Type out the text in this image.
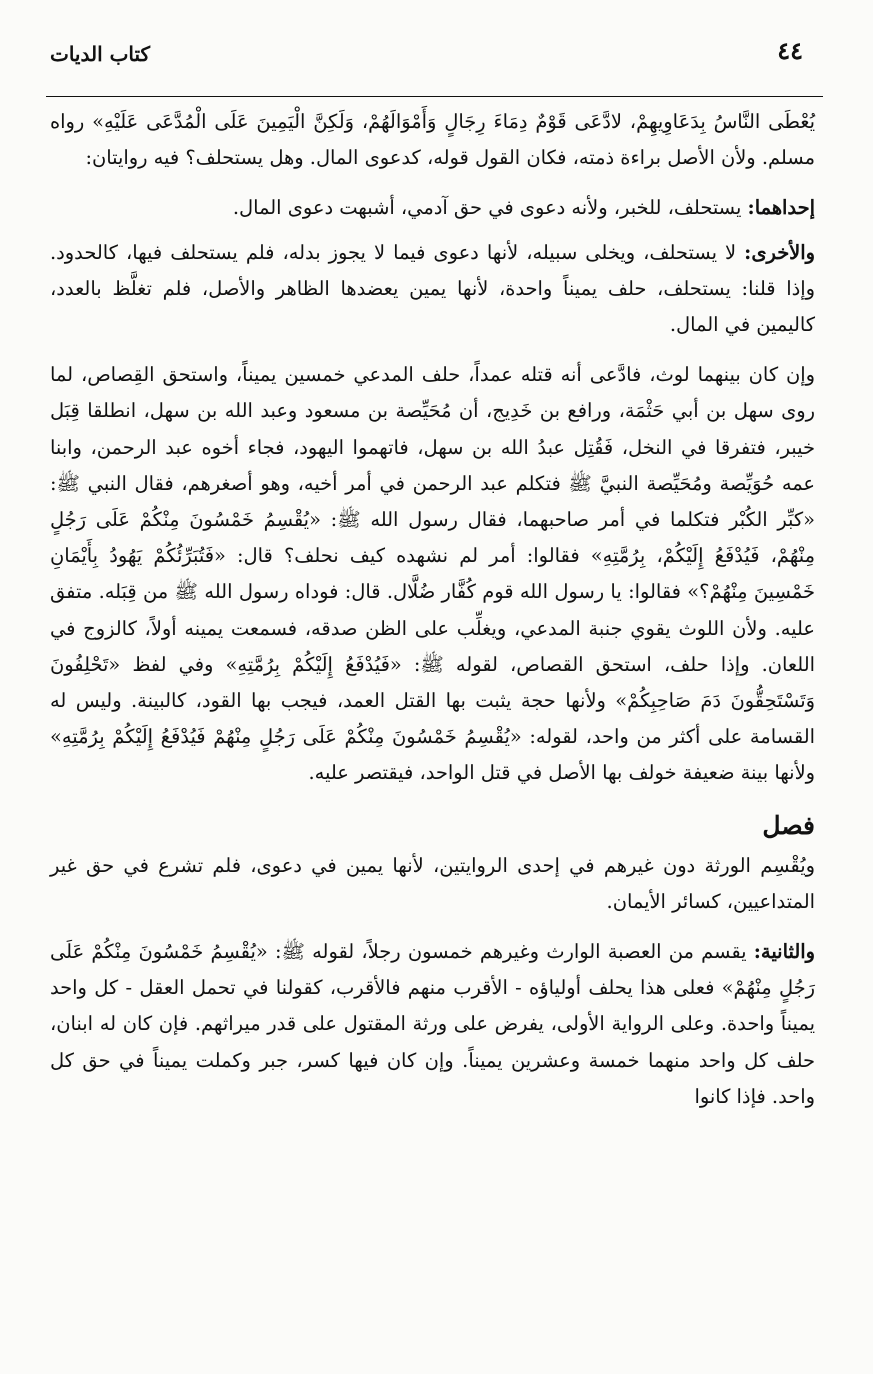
٤٤
كتاب الديات

يُعْطَى النَّاسُ بِدَعَاوِيهِمْ، لادَّعَى قَوْمٌ دِمَاءَ رِجَالٍ وَأَمْوَالَهُمْ، وَلَكِنَّ الْيَمِينَ عَلَى الْمُدَّعَى عَلَيْهِ» رواه مسلم. ولأن الأصل براءة ذمته، فكان القول قوله، كدعوى المال. وهل يستحلف؟ فيه روايتان:

إحداهما: يستحلف، للخبر، ولأنه دعوى في حق آدمي، أشبهت دعوى المال.

والأخرى: لا يستحلف، ويخلى سبيله، لأنها دعوى فيما لا يجوز بدله، فلم يستحلف فيها، كالحدود. وإذا قلنا: يستحلف، حلف يميناً واحدة، لأنها يمين يعضدها الظاهر والأصل، فلم تغلَّظ بالعدد، كاليمين في المال.

وإن كان بينهما لوث، فادَّعى أنه قتله عمداً، حلف المدعي خمسين يميناً، واستحق القِصاص، لما روى سهل بن أبي حَثْمَة، ورافع بن خَدِيج، أن مُحَيِّصة بن مسعود وعبد الله بن سهل، انطلقا قِبَل خيبر، فتفرقا في النخل، فَقُتِل عبدُ الله بن سهل، فاتهموا اليهود، فجاء أخوه عبد الرحمن، وابنا عمه حُوَيِّصة ومُحَيِّصة النبيَّ ﷺ فتكلم عبد الرحمن في أمر أخيه، وهو أصغرهم، فقال النبي ﷺ: «كبِّر الكُبْر فتكلما في أمر صاحبهما، فقال رسول الله ﷺ: «يُقْسِمُ خَمْسُونَ مِنْكُمْ عَلَى رَجُلٍ مِنْهُمْ، فَيُدْفَعُ إِلَيْكُمْ، بِرُمَّتِهِ» فقالوا: أمر لم نشهده كيف نحلف؟ قال: «فَتُبَرِّئُكُمْ يَهُودُ بِأَيْمَانِ خَمْسِينَ مِنْهُمْ؟» فقالوا: يا رسول الله قوم كُفَّار ضُلَّال. قال: فوداه رسول الله ﷺ من قِبَله. متفق عليه. ولأن اللوث يقوي جنبة المدعي، ويغلِّب على الظن صدقه، فسمعت يمينه أولاً، كالزوج في اللعان. وإذا حلف، استحق القصاص، لقوله ﷺ: «فَيُدْفَعُ إِلَيْكُمْ بِرُمَّتِهِ» وفي لفظ «تَحْلِفُونَ وَتَسْتَحِقُّونَ دَمَ صَاحِبِكُمْ» ولأنها حجة يثبت بها القتل العمد، فيجب بها القود، كالبينة. وليس له القسامة على أكثر من واحد، لقوله: «يُقْسِمُ خَمْسُونَ مِنْكُمْ عَلَى رَجُلٍ مِنْهُمْ فَيُدْفَعُ إِلَيْكُمْ بِرُمَّتِهِ» ولأنها بينة ضعيفة خولف بها الأصل في قتل الواحد، فيقتصر عليه.

فصل

ويُقْسِم الورثة دون غيرهم في إحدى الروايتين، لأنها يمين في دعوى، فلم تشرع في حق غير المتداعيين، كسائر الأيمان.

والثانية: يقسم من العصبة الوارث وغيرهم خمسون رجلاً، لقوله ﷺ: «يُقْسِمُ خَمْسُونَ مِنْكُمْ عَلَى رَجُلٍ مِنْهُمْ» فعلى هذا يحلف أولياؤه - الأقرب منهم فالأقرب، كقولنا في تحمل العقل - كل واحد يميناً واحدة. وعلى الرواية الأولى، يفرض على ورثة المقتول على قدر ميراثهم. فإن كان له ابنان، حلف كل واحد منهما خمسة وعشرين يميناً. وإن كان فيها كسر، جبر وكملت يميناً في حق كل واحد. فإذا كانوا
